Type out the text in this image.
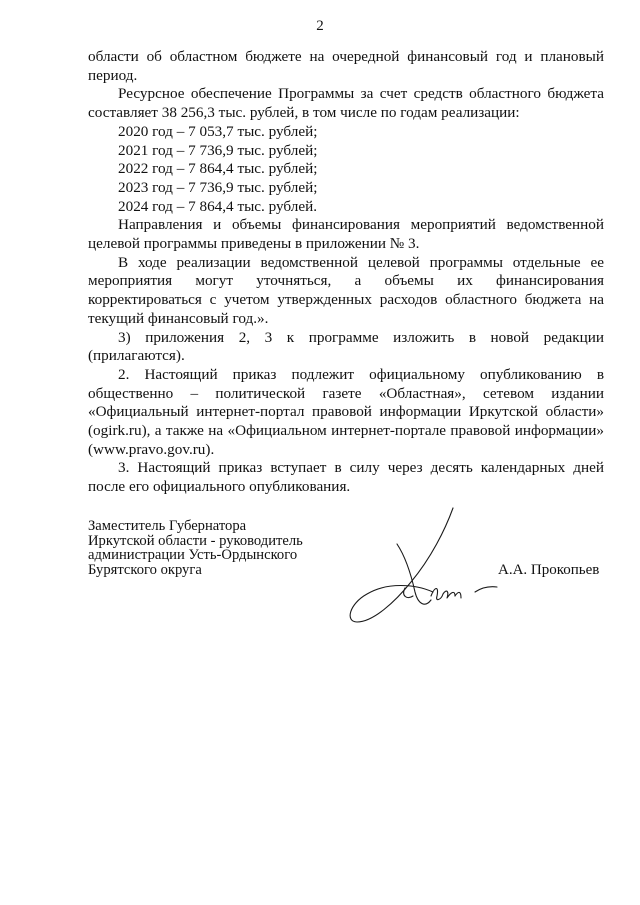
2

области об областном бюджете на очередной финансовый год и плановый период.

Ресурсное обеспечение Программы за счет средств областного бюджета составляет 38 256,3 тыс. рублей, в том числе по годам реализации:

2020 год – 7 053,7 тыс. рублей;

2021 год – 7 736,9 тыс. рублей;

2022 год – 7 864,4 тыс. рублей;

2023 год – 7 736,9 тыс. рублей;

2024 год – 7 864,4 тыс. рублей.

Направления и объемы финансирования мероприятий ведомственной целевой программы приведены в приложении № 3.

В ходе реализации ведомственной целевой программы отдельные ее мероприятия могут уточняться, а объемы их финансирования корректироваться с учетом утвержденных расходов областного бюджета на текущий финансовый год.».

3) приложения 2, 3 к программе изложить в новой редакции (прилагаются).

2. Настоящий приказ подлежит официальному опубликованию в общественно – политической газете «Областная», сетевом издании «Официальный интернет-портал правовой информации Иркутской области» (ogirk.ru), а также на «Официальном интернет-портале правовой информации» (www.pravo.gov.ru).

3. Настоящий приказ вступает в силу через десять календарных дней после его официального опубликования.

Заместитель Губернатора
Иркутской области - руководитель
администрации Усть-Ордынского
Бурятского округа	А.А. Прокопьев
